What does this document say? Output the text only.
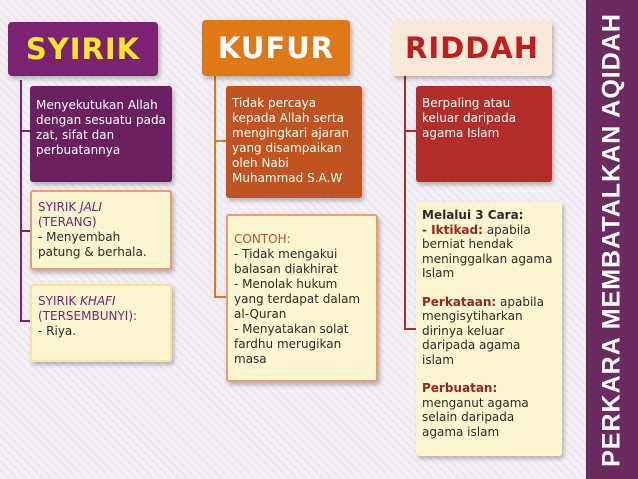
SYIRIK	KUFUR RIDDAH
Menyekutukan Allah dengan sesuatu pada zat, sifat dan perbuatannya
SYIRIK JALI
(TERANG)
- Menyembah patung & berhala.
SYIRIK KHAFI
(TERSEMBUNYI):
- Riya.
Tidak percaya kepada Allah serta mengingkari ajaran yang disampaikan oleh Nabi Muhammad S.A.W
CONTOH:
- Tidak mengakui balasan diakhirat
- Menolak hukum yang terdapat dalam al-Quran
- Menyatakan solat fardhu merugikan masa
Berpaling atau keluar daripada agama Islam
Melalui 3 Cara:
- Iktikad: apabila berniat hendak meninggalkan agama Islam
Perkataan: apabila mengisytiharkan dirinya keluar daripada agama islam
Perbuatan:
menganut agama selain daripada agama islam	PERKARA MEMBATALKAN AQIDAH
